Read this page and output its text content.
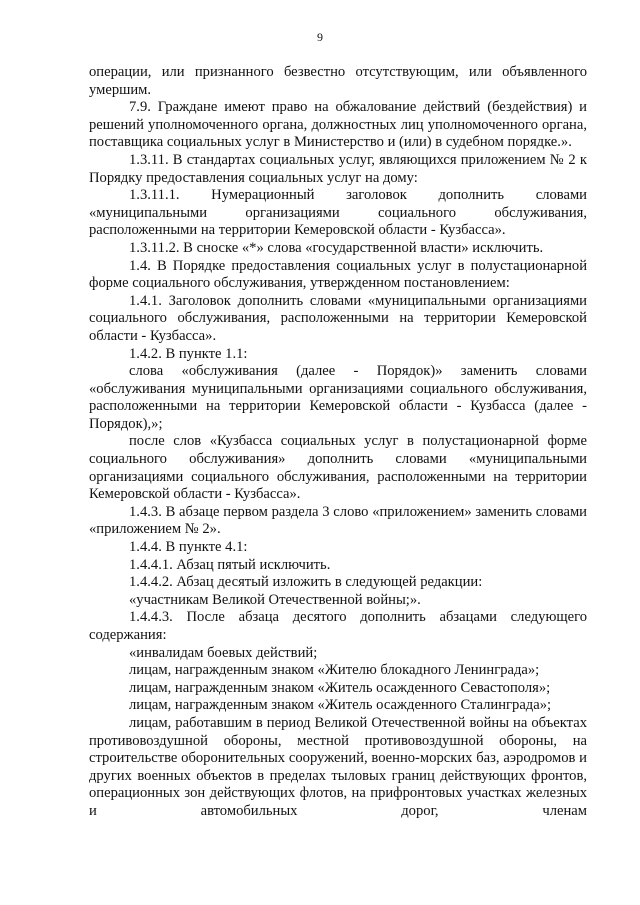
9

операции, или признанного безвестно отсутствующим, или объявленного умершим.

7.9. Граждане имеют право на обжалование действий (бездействия) и решений уполномоченного органа, должностных лиц уполномоченного органа, поставщика социальных услуг в Министерство и (или) в судебном порядке.».

1.3.11. В стандартах социальных услуг, являющихся приложением № 2 к Порядку предоставления социальных услуг на дому:

1.3.11.1. Нумерационный заголовок дополнить словами «муниципальными организациями социального обслуживания, расположенными на территории Кемеровской области - Кузбасса».

1.3.11.2. В сноске «*» слова «государственной власти» исключить.

1.4. В Порядке предоставления социальных услуг в полустационарной форме социального обслуживания, утвержденном постановлением:

1.4.1. Заголовок дополнить словами «муниципальными организациями социального обслуживания, расположенными на территории Кемеровской области - Кузбасса».

1.4.2. В пункте 1.1:

слова «обслуживания (далее - Порядок)» заменить словами «обслуживания муниципальными организациями социального обслуживания, расположенными на территории Кемеровской области - Кузбасса (далее - Порядок),»;

после слов «Кузбасса социальных услуг в полустационарной форме социального обслуживания» дополнить словами «муниципальными организациями социального обслуживания, расположенными на территории Кемеровской области - Кузбасса».

1.4.3. В абзаце первом раздела 3 слово «приложением» заменить словами «приложением № 2».

1.4.4. В пункте 4.1:

1.4.4.1. Абзац пятый исключить.

1.4.4.2. Абзац десятый изложить в следующей редакции:

«участникам Великой Отечественной войны;».

1.4.4.3. После абзаца десятого дополнить абзацами следующего содержания:

«инвалидам боевых действий;

лицам, награжденным знаком «Жителю блокадного Ленинграда»;

лицам, награжденным знаком «Житель осажденного Севастополя»;

лицам, награжденным знаком «Житель осажденного Сталинграда»;

лицам, работавшим в период Великой Отечественной войны на объектах противовоздушной обороны, местной противовоздушной обороны, на строительстве оборонительных сооружений, военно-морских баз, аэродромов и других военных объектов в пределах тыловых границ действующих фронтов, операционных зон действующих флотов, на прифронтовых участках железных и автомобильных дорог, членам
